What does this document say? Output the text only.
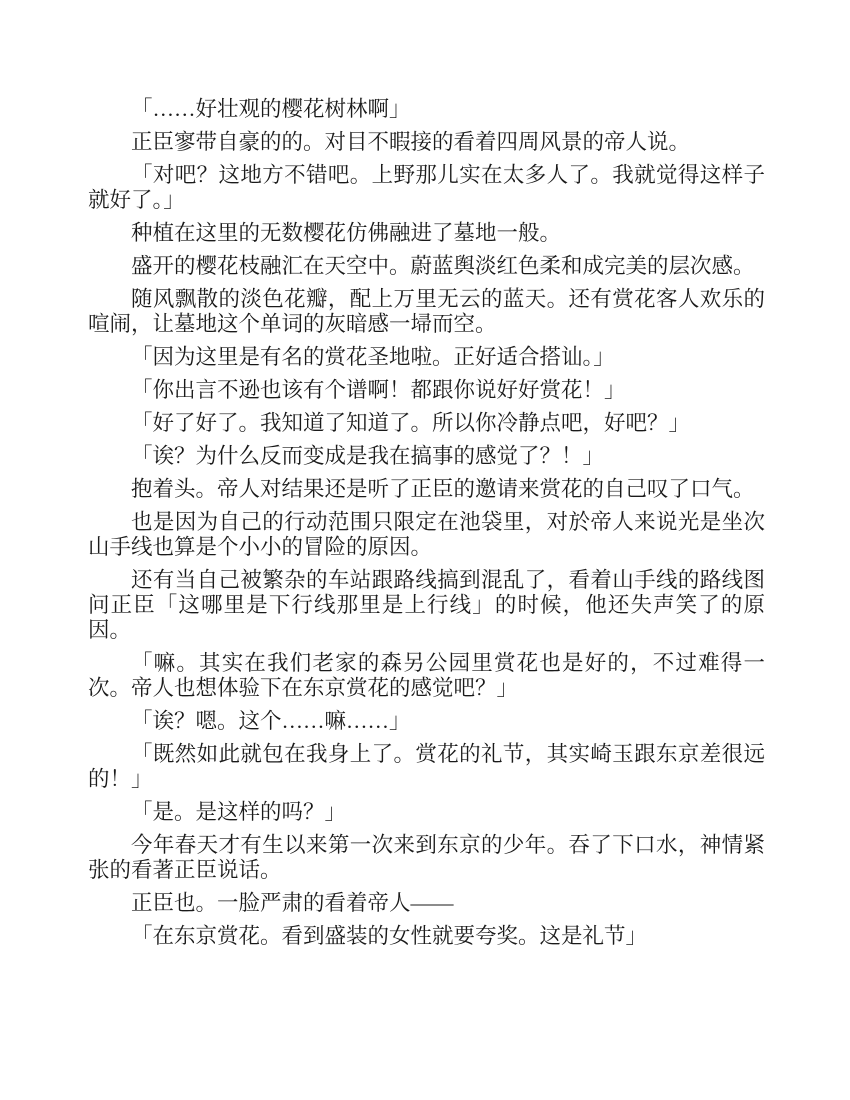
「……好壮观的樱花树林啊」

正臣寥带自豪的的。对目不暇接的看着四周风景的帝人说。

「对吧？这地方不错吧。上野那儿实在太多人了。我就觉得这样子就好了。」

种植在这里的无数樱花仿佛融进了墓地一般。

盛开的樱花枝融汇在天空中。蔚蓝舆淡红色柔和成完美的层次感。

随风飘散的淡色花瓣，配上万里无云的蓝天。还有赏花客人欢乐的喧闹，让墓地这个单词的灰暗感一埽而空。

「因为这里是有名的赏花圣地啦。正好适合搭讪。」

「你出言不逊也该有个谱啊！都跟你说好好赏花！」

「好了好了。我知道了知道了。所以你冷静点吧，好吧？」

「诶？为什么反而变成是我在搞事的感觉了？！」

抱着头。帝人对结果还是听了正臣的邀请来赏花的自己叹了口气。

也是因为自己的行动范围只限定在池袋里，对於帝人来说光是坐次山手线也算是个小小的冒险的原因。

还有当自己被繁杂的车站跟路线搞到混乱了，看着山手线的路线图问正臣「这哪里是下行线那里是上行线」的时候，他还失声笑了的原因。

「嘛。其实在我们老家的森另公园里赏花也是好的，不过难得一次。帝人也想体验下在东京赏花的感觉吧？」

「诶？嗯。这个……嘛……」

「既然如此就包在我身上了。赏花的礼节，其实崎玉跟东京差很远的！」

「是。是这样的吗？」

今年春天才有生以来第一次来到东京的少年。吞了下口水，神情紧张的看著正臣说话。

正臣也。一脸严肃的看着帝人——

「在东京赏花。看到盛装的女性就要夸奖。这是礼节」
